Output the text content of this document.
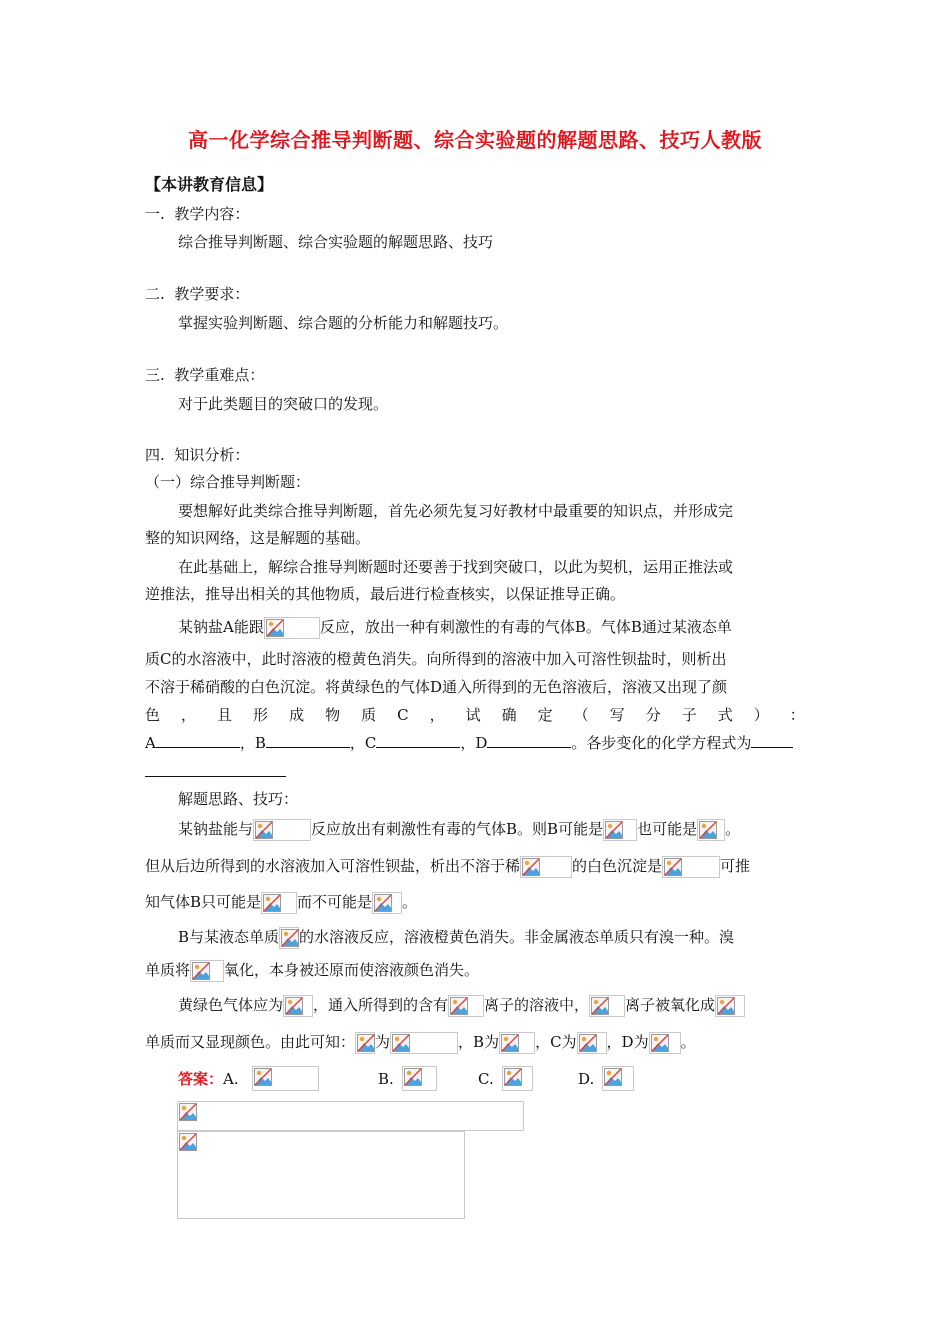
高一化学综合推导判断题、综合实验题的解题思路、技巧人教版
【本讲教育信息】
一. 教学内容：
综合推导判断题、综合实验题的解题思路、技巧
二. 教学要求：
掌握实验判断题、综合题的分析能力和解题技巧。
三. 教学重难点：
对于此类题目的突破口的发现。
四. 知识分析：
（一）综合推导判断题：
要想解好此类综合推导判断题，首先必须先复习好教材中最重要的知识点，并形成完
整的知识网络，这是解题的基础。
在此基础上，解综合推导判断题时还要善于找到突破口，以此为契机，运用正推法或
逆推法，推导出相关的其他物质，最后进行检查核实，以保证推导正确。
某钠盐A能跟	反应，放出一种有刺激性的有毒的气体B。气体B通过某液态单
质C的水溶液中，此时溶液的橙黄色消失。向所得到的溶液中加入可溶性钡盐时，则析出
不溶于稀硝酸的白色沉淀。将黄绿色的气体D通入所得到的无色溶液后，溶液又出现了颜
色 ， 且 形 成 物 质 C ， 试 确 定 （ 写 分 子 式 ） ：
A	，B	，C	，D	。各步变化的化学方程式为
解题思路、技巧：
某钠盐能与	反应放出有刺激性有毒的气体B。则B可能是 也可能是 。
但从后边所得到的水溶液加入可溶性钡盐，析出不溶于稀	的白色沉淀是	可推
知气体B只可能是 而不可能是 。
B与某液态单质 的水溶液反应，溶液橙黄色消失。非金属液态单质只有溴一种。溴
单质将 氧化，本身被还原而使溶液颜色消失。
黄绿色气体应为 ，通入所得到的含有 离子的溶液中， 离子被氧化成
单质而又显现颜色。由此可知： 为	，B为 ，C为 ，D为 。
答案：A.	B.	C.	D.
